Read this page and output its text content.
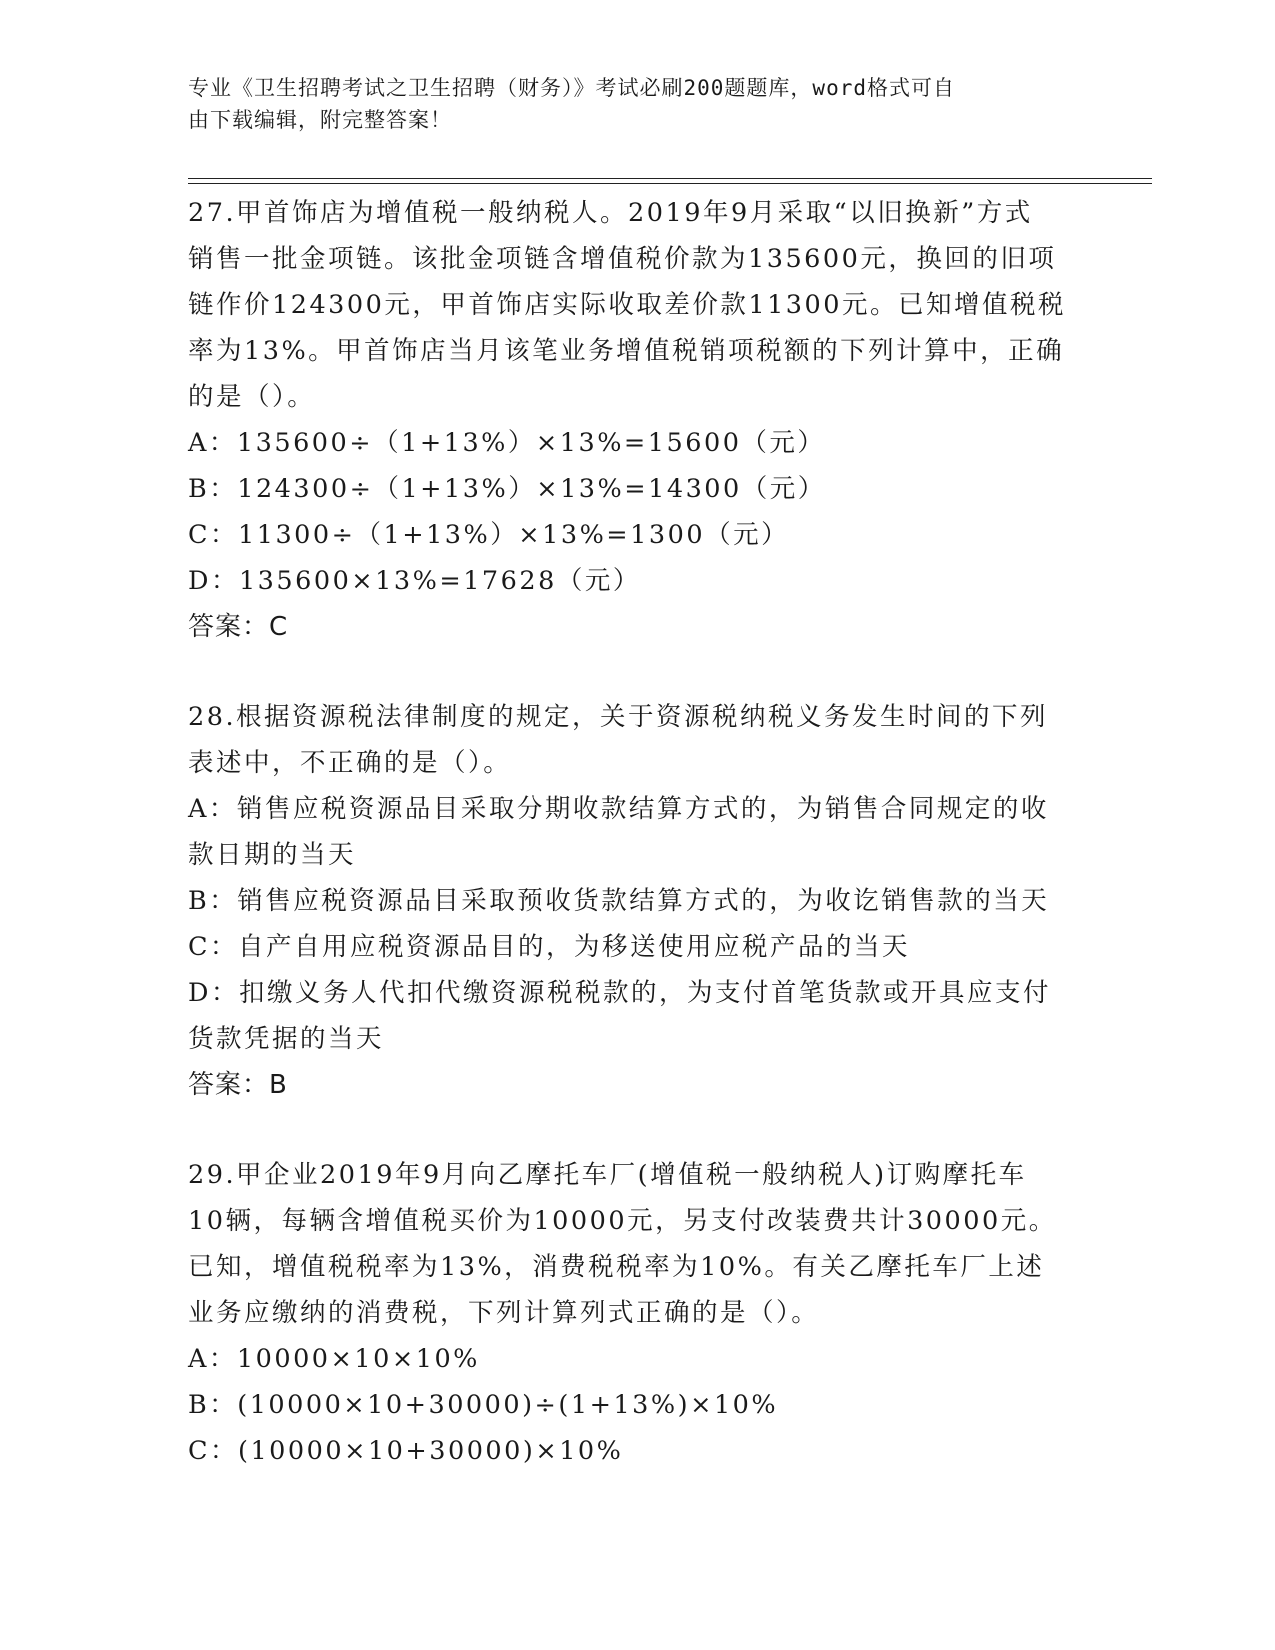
专业《卫生招聘考试之卫生招聘（财务）》考试必刷200题题库，word格式可自
由下载编辑，附完整答案！

27.甲首饰店为增值税一般纳税人。2019年9月采取“以旧换新”方式

销售一批金项链。该批金项链含增值税价款为135600元，换回的旧项

链作价124300元，甲首饰店实际收取差价款11300元。已知增值税税

率为13%。甲首饰店当月该笔业务增值税销项税额的下列计算中，正确

的是（）。

A：135600÷（1+13%）×13%=15600（元）

B：124300÷（1+13%）×13%=14300（元）

C：11300÷（1+13%）×13%=1300（元）

D：135600×13%=17628（元）

答案：C

28.根据资源税法律制度的规定，关于资源税纳税义务发生时间的下列

表述中，不正确的是（）。

A：销售应税资源品目采取分期收款结算方式的，为销售合同规定的收

款日期的当天

B：销售应税资源品目采取预收货款结算方式的，为收讫销售款的当天

C：自产自用应税资源品目的，为移送使用应税产品的当天

D：扣缴义务人代扣代缴资源税税款的，为支付首笔货款或开具应支付

货款凭据的当天

答案：B

29.甲企业2019年9月向乙摩托车厂(增值税一般纳税人)订购摩托车

10辆，每辆含增值税买价为10000元，另支付改装费共计30000元。

已知，增值税税率为13%，消费税税率为10%。有关乙摩托车厂上述

业务应缴纳的消费税，下列计算列式正确的是（）。

A：10000×10×10%

B：(10000×10+30000)÷(1+13%)×10%

C：(10000×10+30000)×10%
